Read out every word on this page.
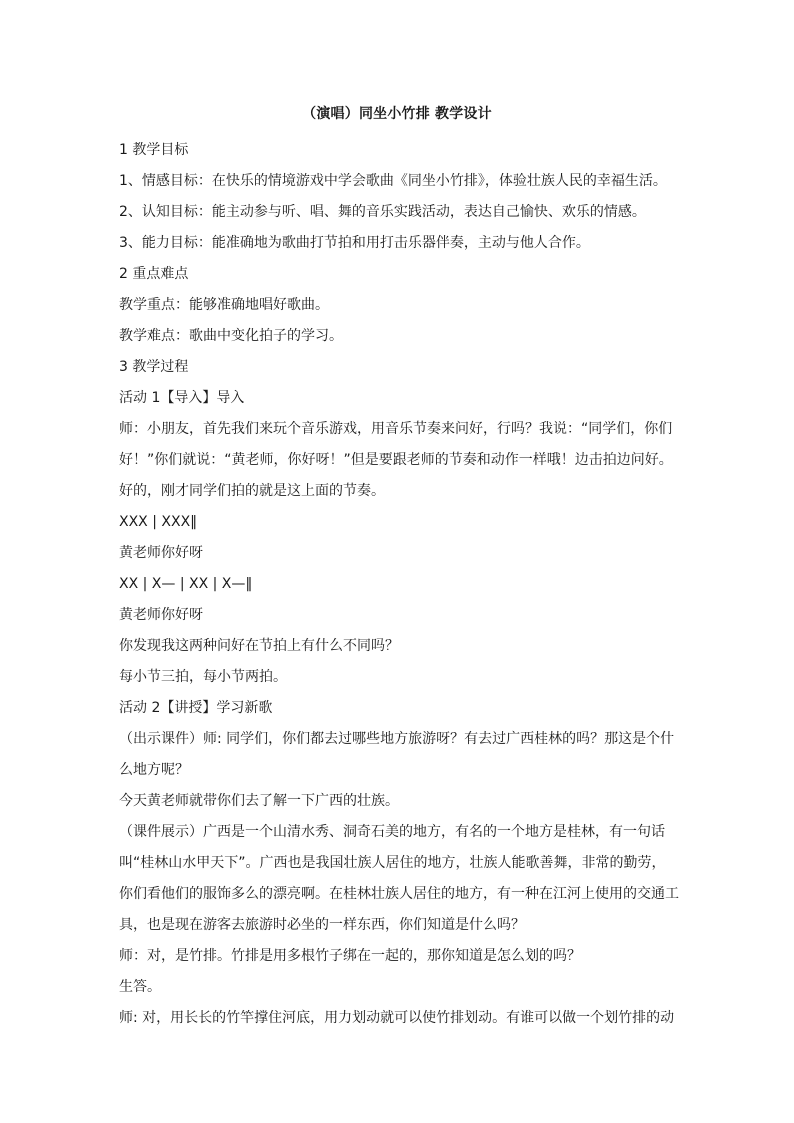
（演唱）同坐小竹排 教学设计

1 教学目标

1、情感目标：在快乐的情境游戏中学会歌曲《同坐小竹排》，体验壮族人民的幸福生活。

2、认知目标：能主动参与听、唱、舞的音乐实践活动，表达自己愉快、欢乐的情感。

3、能力目标：能准确地为歌曲打节拍和用打击乐器伴奏，主动与他人合作。

2 重点难点

教学重点：能够准确地唱好歌曲。

教学难点：歌曲中变化拍子的学习。

3 教学过程

活动 1【导入】导入

师：小朋友，首先我们来玩个音乐游戏，用音乐节奏来问好，行吗？我说：“同学们，你们好！”你们就说：“黄老师，你好呀！”但是要跟老师的节奏和动作一样哦！边击拍边问好。

好的，刚才同学们拍的就是这上面的节奏。

XXX | XXX‖

黄老师你好呀

XX | X— | XX | X—‖

黄老师你好呀

你发现我这两种问好在节拍上有什么不同吗？

每小节三拍，每小节两拍。

活动 2【讲授】学习新歌

（出示课件）师: 同学们，你们都去过哪些地方旅游呀？有去过广西桂林的吗？那这是个什么地方呢？

今天黄老师就带你们去了解一下广西的壮族。

（课件展示）广西是一个山清水秀、洞奇石美的地方，有名的一个地方是桂林，有一句话叫“桂林山水甲天下”。广西也是我国壮族人居住的地方，壮族人能歌善舞，非常的勤劳，你们看他们的服饰多么的漂亮啊。在桂林壮族人居住的地方，有一种在江河上使用的交通工具，也是现在游客去旅游时必坐的一样东西，你们知道是什么吗？

师：对，是竹排。竹排是用多根竹子绑在一起的，那你知道是怎么划的吗？

生答。

师: 对，用长长的竹竿撑住河底，用力划动就可以使竹排划动。有谁可以做一个划竹排的动
